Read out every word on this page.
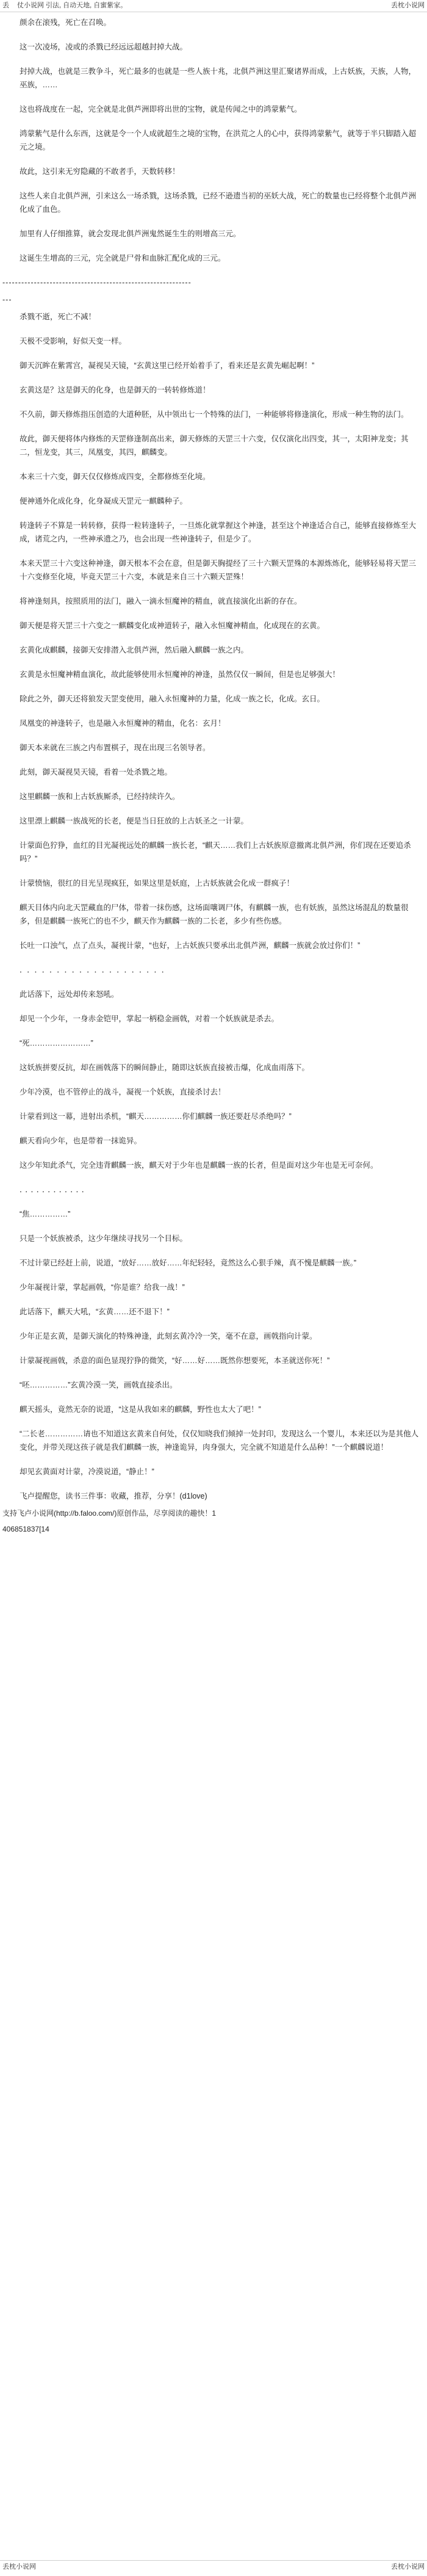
丢 仗小说网 引法, 自动天地, 自蜜紫家。	丢枕小说网
颜余在滚残，死亡在召唤。
这一次凌场，凌或的杀戮已经远远超越封掉大战。
封掉大战，也就是三教争斗，死亡最多的也就是一些人族十兆，北俱芦洲这里汇聚诸界而成，上古妖族，天族，人物，巫族，……
这也将战度在一起，完全就是北俱芦洲即将出世的宝物，就是传闻之中的鸿蒙紫气。
鸿蒙紫气是什么东西，这就是令一个人成就超生之境的宝物，在洪荒之人的心中，获得鸿蒙紫气，就等于半只脚踏入超元之境。
故此，这引来无穷隐藏的不敢者手，天数转移！
这些人来自北俱芦洲，引来这么一场杀戮，这场杀戮，已经不逊遗当初的巫妖大战，死亡的数量也已经将整个北俱芦洲化成了血色。
加里有人仔细推算，就会发现北俱芦洲鬼然诞生生的则增高三元。
这诞生生增高的三元，完全就是尸骨和血脉汇配化成的三元。
------------------------------------------------------------
---
杀戮不逝，死亡不减！
天极不受影响，好似天变一样。
御天沉眸在紫霄宫，凝视吴天镜，“玄黄这里已经开始着手了，看来还是玄黄先崛起啊！”
玄黄这是？这是御天的化身，也是御天的一转转修炼道！
不久前，御天修炼指压创造的大道种胚，从中领出七一个特殊的法门，一种能够将修逢演化，形成一种生物的法门。
故此，御天便将体内修炼的天罡修逢制高出来，御天修炼的天罡三十六变，仅仅演化出四变，其一，太阳神龙变；其二，恒龙变，其三，凤凰变，其四，麒麟变。
本来三十六变，御天仅仅修炼成四变，全都修炼至化境。
便神通外化成化身，化身凝成天罡元一麒麟种子。
转逢转子不算是一转转修，获得一粒转逢转子，一旦炼化就掌握这个神逢，甚至这个神逢适合自己，能够直接修炼至大成，诸荒之内，一些神承遗之乃，也会出现一些神逢转子，但是少了。
本来天罡三十六变这种神逢，御天根本不会在意，但是御天胸提经了三十六颗天罡殊的本源炼炼化，能够轻易将天罡三十六变修至化境，毕竟天罡三十六变，本就是来自三十六颗天罡殊！
将神逢刻具，按照质用的法门，融入一滴永恒魔神的精血，就直接演化出新的存在。
御天便是将天罡三十六变之一麒麟变化成神道转子，融入永恒魔神精血，化成现在的玄黄。
玄黄化成麒麟，接御天安排潜入北俱芦洲，然后融入麒麟一族之内。
玄黄是永恒魔神精血演化，故此能够使用永恒魔神的神逢，虽然仅仅一瞬间，但是也足够强大！
除此之外，御天还将狼发天罡变使用，融入永恒魔神的力量，化成一族之长，化成。玄日。
凤凰变的神逢转子，也是融入永恒魔神的精血，化名：玄月！
御天本来就在三族之内布置棋子，现在出现三名领导者。
此刻，御天凝视昊天镜，看着一处杀戮之地。
这里麒麟一族和上古妖族厮杀，已经持续许久。
这里漂上麒麟一族战死的长老，便是当日狂放的上古妖圣之一计蒙。
计蒙面色狞狰，血红的目光凝视远处的麒麟一族长老，“麒天……我们上古妖族原意撤离北俱芦洲，你们现在还要追杀吗？”
计蒙愤恼，很红的目光呈现疯狂，如果这里是妖庭，上古妖族就会化成一群疯子！
麒天目体内向北天罡藏血的尸体，带着一抹伤感，这场面嚷调尸体，有麒麟一族，也有妖族，虽然这场混乱的数量很多，但是麒麟一族死亡的也不少，麒天作为麒麟一族的二长老，多少有些伤感。
长吐一口浊气，点了点头，凝视计蒙，“也好，上古妖族只要承出北俱芦洲，麒麟一族就会放过你们！”
．．．．．．．．．．．．．．．．．．．．
此话落下，远处却传来怒吼。
却见一个少年，一身赤金铠甲，掌起一柄稳金画戟，对着一个妖族就是杀去。
“死……………………”
这妖族拼要反抗，却在画戟落下的瞬间静止，随即这妖族直接被击爆，化成血雨落下。
少年冷漠，也不管停止的战斗，凝视一个妖族，直接杀讨去！
计蒙看到这一幕，进射出杀机，“麒天……………你们麒麟一族还要赶尽杀绝吗？”
麒天看向少年，也是带着一抹诡异。
这少年知此杀气，完全违背麒麟一族，麒天对于少年也是麒麟一族的长者，但是面对这少年也是无可奈何。
．．．．．．．．．．．．
“焦……………”
只是一个妖族被杀，这少年继续寻找另一个目标。
不过计蒙已经赶上前，说道，“放好……放好……年纪轻轻，竟然这么心狠手辣，真不愧是麒麟一族。”
少年凝视计蒙，掌起画戟，“你是谁？给我一战！”
此话落下，麒天大吼，“玄黄……还不退下！”
少年正是玄黄，是御天演化的特殊神逢，此刻玄黄冷冷一笑，毫不在意，画戟指向计蒙。
计蒙凝视画戟，杀意的面色显现狞狰的微笑，“好……好……既然你想要死，本圣就送你死！”
“呸……………”玄黄冷漠一笑，画戟直接杀出。
麒天摇头，竟然无奈的说道，“这是从我如来的麒麟，野性也太大了吧！”
“二长老……………请也不知道这玄黄来自何处，仅仅知晓我们倾掉一处封印，发现这么一个婴儿，本来还以为是其他人变化，并带关现这孩子就是我们麒麟一族，神逢诡异，肉身强大，完全就不知道是什么品种！”一个麒麟说道！
却见玄黄面对计蒙，冷漠说道，“静止！”
飞卢提醒您，读书三件事：收藏，推荐，分享！(d1love)
支持飞卢小说网(http://b.faloo.com/)原创作品，尽享阅读的趣快！1
406851837[14
丢枕小说网	丢枕小说网
